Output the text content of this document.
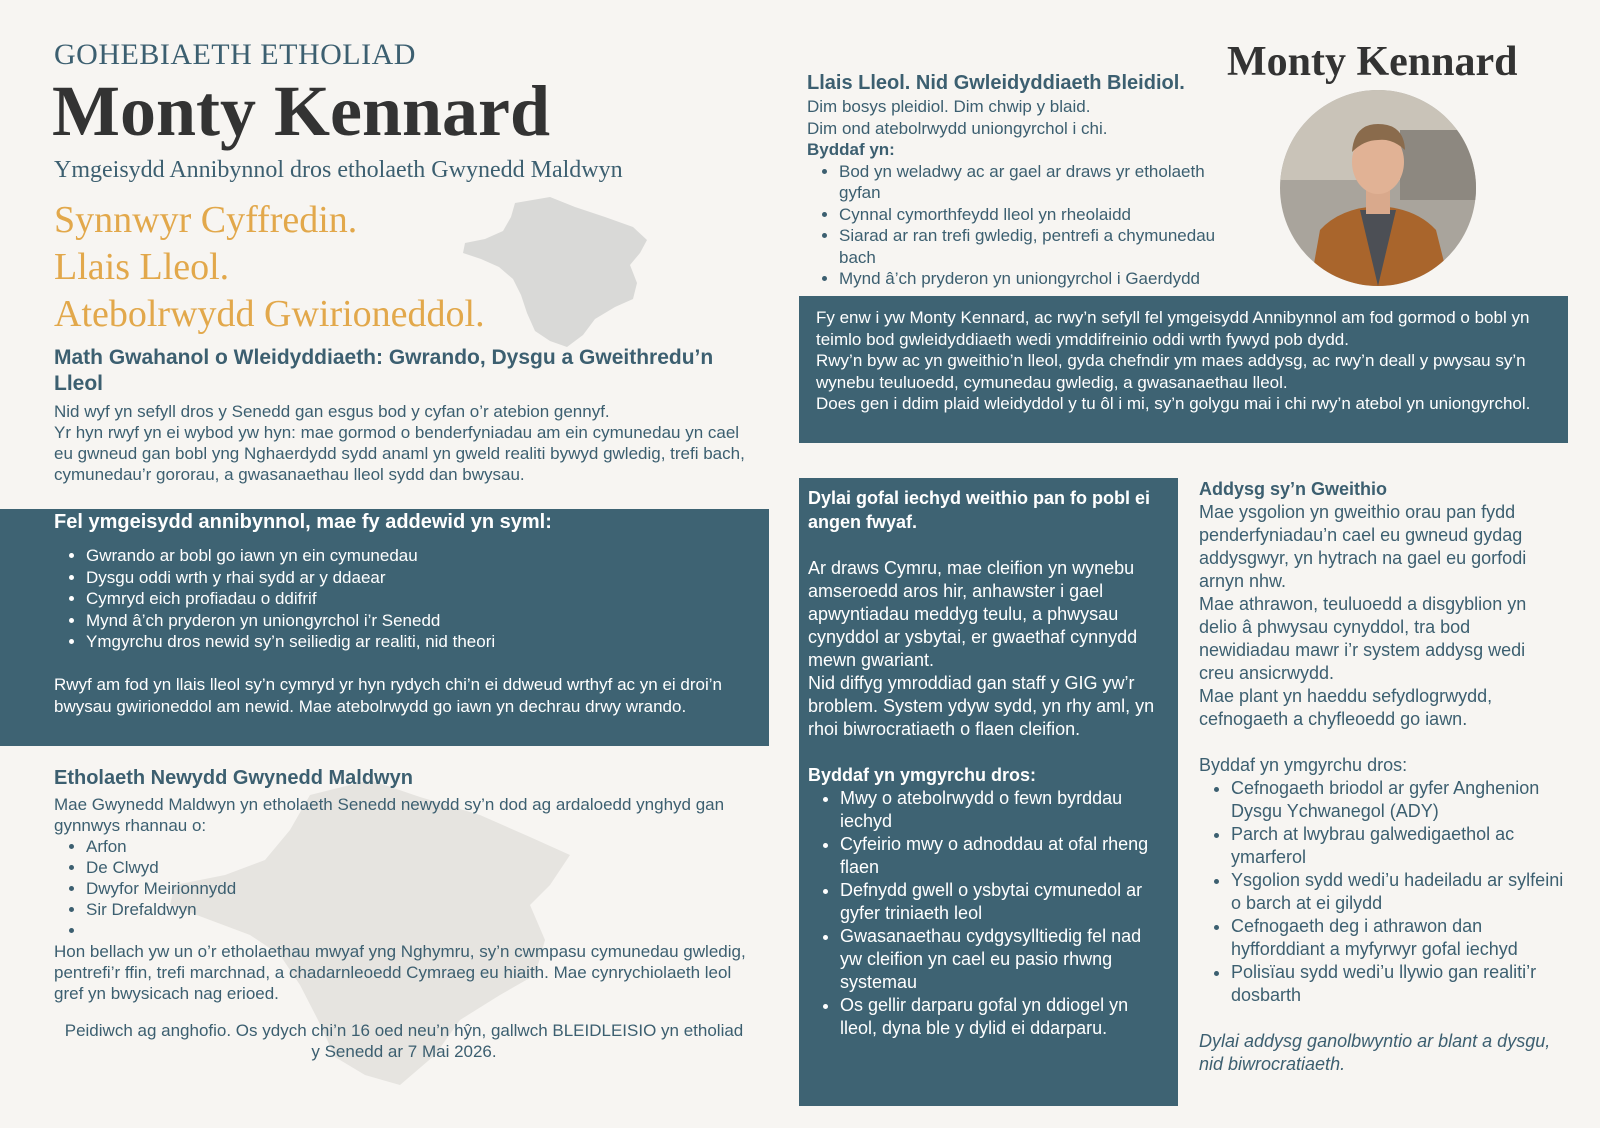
GOHEBIAETH ETHOLIAD
Monty Kennard
Ymgeisydd Annibynnol dros etholaeth Gwynedd Maldwyn
Synnwyr Cyffredin.
Llais Lleol.
Atebolrwydd Gwirioneddol.
Math Gwahanol o Wleidyddiaeth: Gwrando, Dysgu a Gweithredu’n Lleol

Nid wyf yn sefyll dros y Senedd gan esgus bod y cyfan o’r atebion gennyf.

Yr hyn rwyf yn ei wybod yw hyn: mae gormod o benderfyniadau am ein cymunedau yn cael eu gwneud gan bobl yng Nghaerdydd sydd anaml yn gweld realiti bywyd gwledig, trefi bach, cymunedau’r gororau, a gwasanaethau lleol sydd dan bwysau.

Fel ymgeisydd annibynnol, mae fy addewid yn syml:
• Gwrando ar bobl go iawn yn ein cymunedau
• Dysgu oddi wrth y rhai sydd ar y ddaear
• Cymryd eich profiadau o ddifrif
• Mynd â’ch pryderon yn uniongyrchol i’r Senedd
• Ymgyrchu dros newid sy’n seiliedig ar realiti, nid theori

Rwyf am fod yn llais lleol sy’n cymryd yr hyn rydych chi’n ei ddweud wrthyf ac yn ei droi’n bwysau gwirioneddol am newid. Mae atebolrwydd go iawn yn dechrau drwy wrando.

Etholaeth Newydd Gwynedd Maldwyn

Mae Gwynedd Maldwyn yn etholaeth Senedd newydd sy’n dod ag ardaloedd ynghyd gan gynnwys rhannau o:

• Arfon
• De Clwyd
• Dwyfor Meirionnydd
• Sir Drefaldwyn
•

Hon bellach yw un o’r etholaethau mwyaf yng Nghymru, sy’n cwmpasu cymunedau gwledig, pentrefi’r ffin, trefi marchnad, a chadarnleoedd Cymraeg eu hiaith. Mae cynrychiolaeth leol gref yn bwysicach nag erioed.

Peidiwch ag anghofio. Os ydych chi’n 16 oed neu’n hŷn, gallwch BLEIDLEISIO yn etholiad y Senedd ar 7 Mai 2026.

Monty Kennard
Llais Lleol. Nid Gwleidyddiaeth Bleidiol.

Dim bosys pleidiol. Dim chwip y blaid.

Dim ond atebolrwydd uniongyrchol i chi.

Byddaf yn:

• Bod yn weladwy ac ar gael ar draws yr etholaeth gyfan
• Cynnal cymorthfeydd lleol yn rheolaidd
• Siarad ar ran trefi gwledig, pentrefi a chymunedau bach
• Mynd â’ch pryderon yn uniongyrchol i Gaerdydd

Fy enw i yw Monty Kennard, ac rwy’n sefyll fel ymgeisydd Annibynnol am fod gormod o bobl yn teimlo bod gwleidyddiaeth wedi ymddifreinio oddi wrth fywyd pob dydd.

Rwy’n byw ac yn gweithio’n lleol, gyda chefndir ym maes addysg, ac rwy’n deall y pwysau sy’n wynebu teuluoedd, cymunedau gwledig, a gwasanaethau lleol.

Does gen i ddim plaid wleidyddol y tu ôl i mi, sy’n golygu mai i chi rwy’n atebol yn uniongyrchol.

Dylai gofal iechyd weithio pan fo pobl ei angen fwyaf.

Ar draws Cymru, mae cleifion yn wynebu amseroedd aros hir, anhawster i gael apwyntiadau meddyg teulu, a phwysau cynyddol ar ysbytai, er gwaethaf cynnydd mewn gwariant.

Nid diffyg ymroddiad gan staff y GIG yw’r broblem. System ydyw sydd, yn rhy aml, yn rhoi biwrocratiaeth o flaen cleifion.

Byddaf yn ymgyrchu dros:

• Mwy o atebolrwydd o fewn byrddau iechyd
• Cyfeirio mwy o adnoddau at ofal rheng flaen
• Defnydd gwell o ysbytai cymunedol ar gyfer triniaeth leol
• Gwasanaethau cydgysylltiedig fel nad yw cleifion yn cael eu pasio rhwng systemau
• Os gellir darparu gofal yn ddiogel yn lleol, dyna ble y dylid ei ddarparu.
Addysg sy’n Gweithio

Mae ysgolion yn gweithio orau pan fydd penderfyniadau’n cael eu gwneud gydag addysgwyr, yn hytrach na gael eu gorfodi arnyn nhw.

Mae athrawon, teuluoedd a disgyblion yn delio â phwysau cynyddol, tra bod newidiadau mawr i’r system addysg wedi creu ansicrwydd.

Mae plant yn haeddu sefydlogrwydd, cefnogaeth a chyfleoedd go iawn.

Byddaf yn ymgyrchu dros:

• Cefnogaeth briodol ar gyfer Anghenion Dysgu Ychwanegol (ADY)
• Parch at lwybrau galwedigaethol ac ymarferol
• Ysgolion sydd wedi’u hadeiladu ar sylfeini o barch at ei gilydd
• Cefnogaeth deg i athrawon dan hyfforddiant a myfyrwyr gofal iechyd
• Polisïau sydd wedi’u llywio gan realiti’r dosbarth

Dylai addysg ganolbwyntio ar blant a dysgu, nid biwrocratiaeth.
